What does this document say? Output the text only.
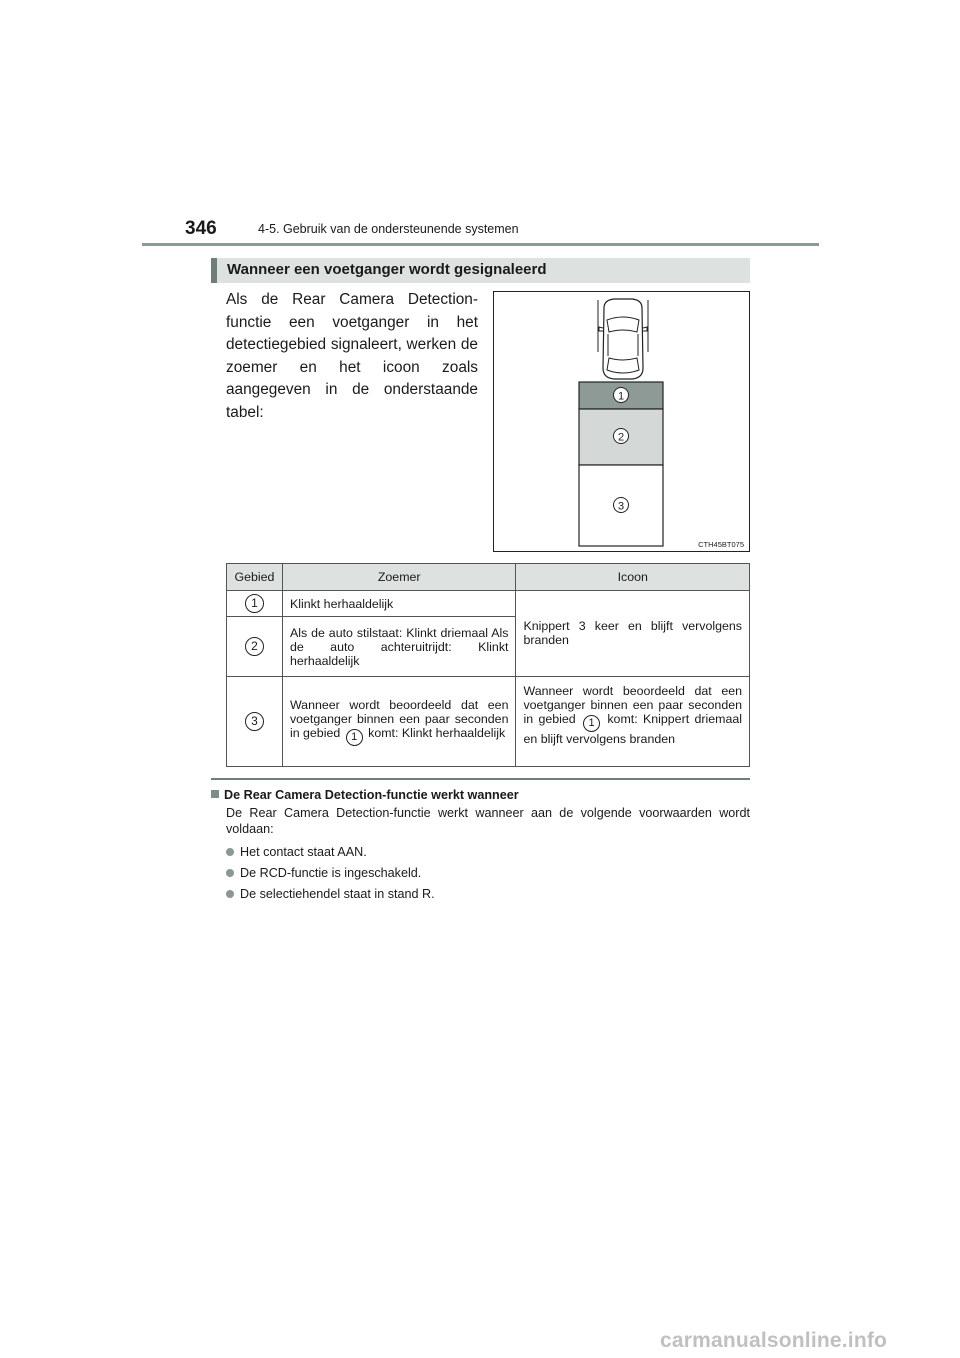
346	4-5. Gebruik van de ondersteunende systemen
Wanneer een voetganger wordt gesignaleerd
Als de Rear Camera Detection-functie een voetganger in het detectiegebied signaleert, werken de zoemer en het icoon zoals aangegeven in de onderstaande tabel:
1
2
3
CTH45BT075
Gebied	Zoemer	Icoon
1	Klinkt herhaaldelijk	Knippert 3 keer en blijft vervolgens branden
2	Als de auto stilstaat: Klinkt driemaal Als de auto achteruitrijdt: Klinkt herhaaldelijk	
3	Wanneer wordt beoordeeld dat een voetganger binnen een paar seconden in gebied 1 komt: Klinkt herhaaldelijk	Wanneer wordt beoordeeld dat een voetganger binnen een paar seconden in gebied 1 komt: Knippert driemaal en blijft vervolgens branden
De Rear Camera Detection-functie werkt wanneer
De Rear Camera Detection-functie werkt wanneer aan de volgende voorwaarden wordt voldaan:
Het contact staat AAN.
De RCD-functie is ingeschakeld.
De selectiehendel staat in stand R.
carmanualsonline.info
